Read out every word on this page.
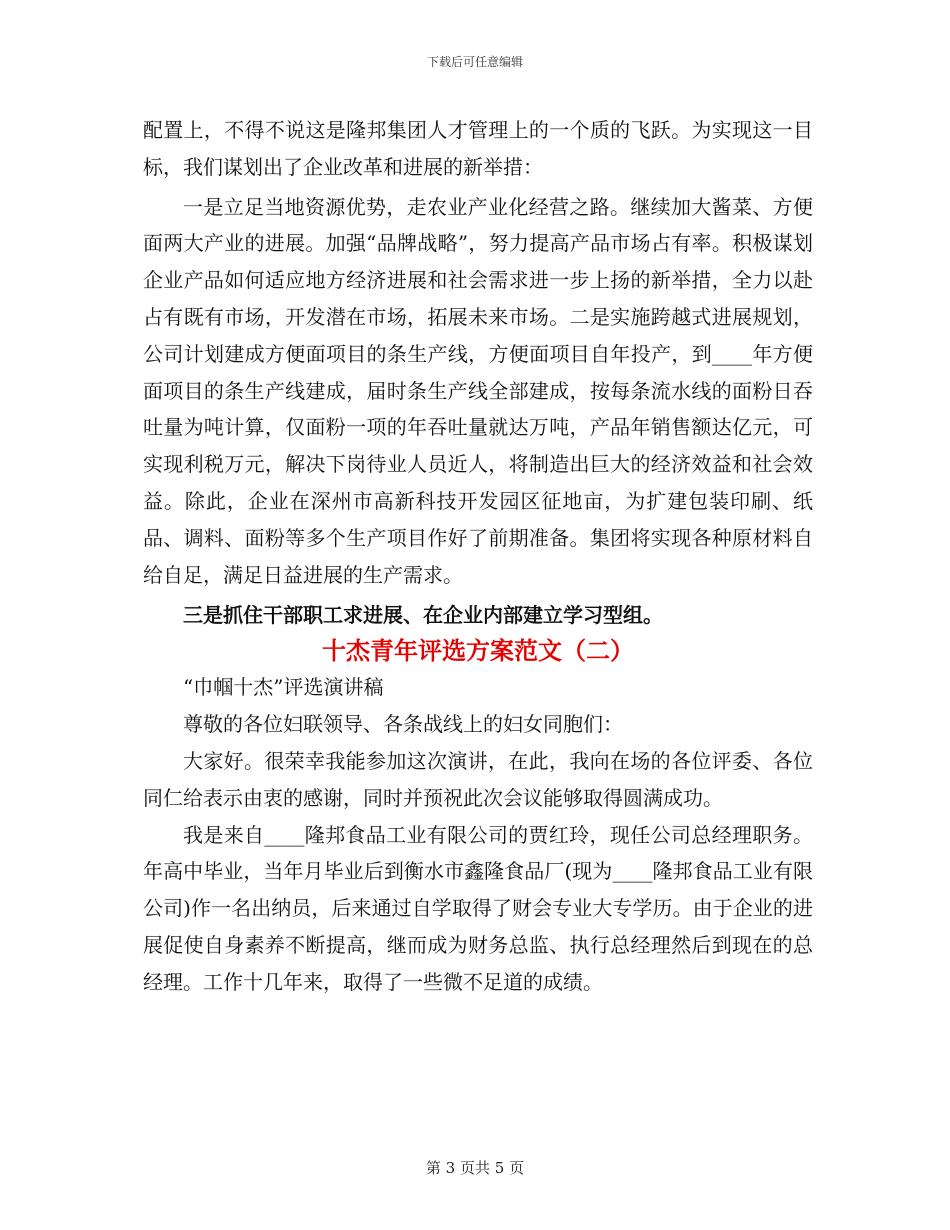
下载后可任意编辑

配置上，不得不说这是隆邦集团人才管理上的一个质的飞跃。为实现这一目标，我们谋划出了企业改革和进展的新举措：

一是立足当地资源优势，走农业产业化经营之路。继续加大酱菜、方便面两大产业的进展。加强“品牌战略”，努力提高产品市场占有率。积极谋划企业产品如何适应地方经济进展和社会需求进一步上扬的新举措，全力以赴占有既有市场，开发潜在市场，拓展未来市场。二是实施跨越式进展规划，公司计划建成方便面项目的条生产线，方便面项目自年投产，到____年方便面项目的条生产线建成，届时条生产线全部建成，按每条流水线的面粉日吞吐量为吨计算，仅面粉一项的年吞吐量就达万吨，产品年销售额达亿元，可实现利税万元，解决下岗待业人员近人，将制造出巨大的经济效益和社会效益。除此，企业在深州市高新科技开发园区征地亩，为扩建包装印刷、纸品、调料、面粉等多个生产项目作好了前期准备。集团将实现各种原材料自给自足，满足日益进展的生产需求。

三是抓住干部职工求进展、在企业内部建立学习型组。

十杰青年评选方案范文（二）

“巾帼十杰”评选演讲稿

尊敬的各位妇联领导、各条战线上的妇女同胞们：

大家好。很荣幸我能参加这次演讲，在此，我向在场的各位评委、各位同仁给表示由衷的感谢，同时并预祝此次会议能够取得圆满成功。

我是来自____隆邦食品工业有限公司的贾红玲，现任公司总经理职务。年高中毕业，当年月毕业后到衡水市鑫隆食品厂(现为____隆邦食品工业有限公司)作一名出纳员，后来通过自学取得了财会专业大专学历。由于企业的进展促使自身素养不断提高，继而成为财务总监、执行总经理然后到现在的总经理。工作十几年来，取得了一些微不足道的成绩。

第 3 页共 5 页
